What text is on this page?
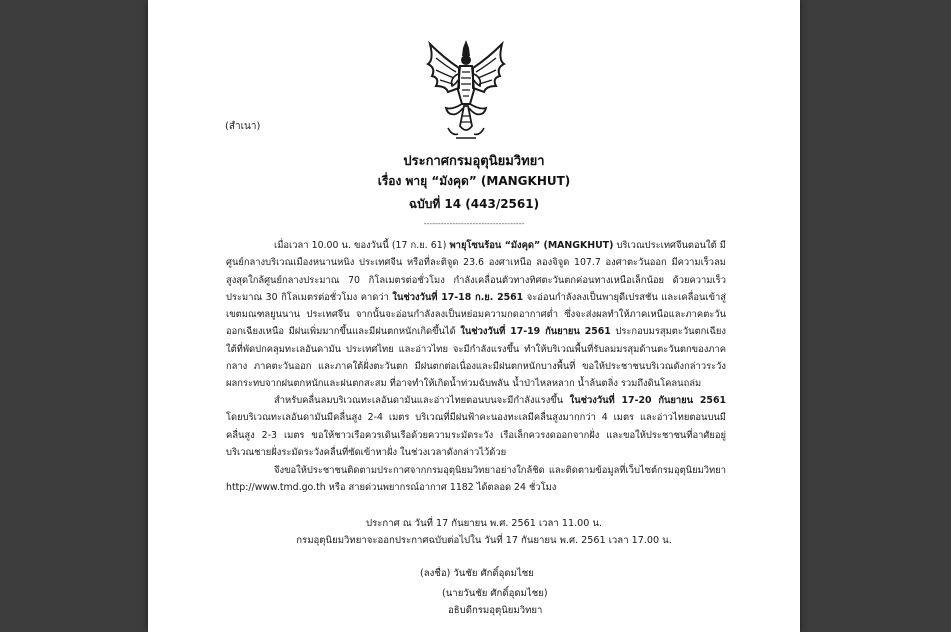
(สำเนา)
ประกาศกรมอุตุนิยมวิทยา
เรื่อง พายุ “มังคุด” (MANGKHUT)
ฉบับที่ 14 (443/2561)
-----------------------------------
เมื่อเวลา 10.00 น. ของวันนี้ (17 ก.ย. 61) พายุโซนร้อน “มังคุด” (MANGKHUT) บริเวณประเทศจีนตอนใต้ มีศูนย์กลางบริเวณเมืองหนานหนิง ประเทศจีน หรือที่ละติจูด 23.6 องศาเหนือ ลองจิจูด 107.7 องศาตะวันออก มีความเร็วลมสูงสุดใกล้ศูนย์กลางประมาณ 70 กิโลเมตรต่อชั่วโมง กำลังเคลื่อนตัวทางทิศตะวันตกค่อนทางเหนือเล็กน้อย ด้วยความเร็วประมาณ 30 กิโลเมตรต่อชั่วโมง คาดว่า ในช่วงวันที่ 17-18 ก.ย. 2561 จะอ่อนกำลังลงเป็นพายุดีเปรสชัน และเคลื่อนเข้าสู่เขตมณฑลยูนนาน ประเทศจีน จากนั้นจะอ่อนกำลังลงเป็นหย่อมความกดอากาศต่ำ ซึ่งจะส่งผลทำให้ภาคเหนือและภาคตะวันออกเฉียงเหนือ มีฝนเพิ่มมากขึ้นและมีฝนตกหนักเกิดขึ้นได้ ในช่วงวันที่ 17-19 กันยายน 2561 ประกอบมรสุมตะวันตกเฉียงใต้ที่พัดปกคลุมทะเลอันดามัน ประเทศไทย และอ่าวไทย จะมีกำลังแรงขึ้น ทำให้บริเวณพื้นที่รับลมมรสุมด้านตะวันตกของภาคกลาง ภาคตะวันออก และภาคใต้ฝั่งตะวันตก มีฝนตกต่อเนื่องและมีฝนตกหนักบางพื้นที่ ขอให้ประชาชนบริเวณดังกล่าวระวังผลกระทบจากฝนตกหนักและฝนตกสะสม ที่อาจทำให้เกิดน้ำท่วมฉับพลัน น้ำป่าไหลหลาก น้ำล้นตลิ่ง รวมถึงดินโคลนถล่ม
สำหรับคลื่นลมบริเวณทะเลอันดามันและอ่าวไทยตอนบนจะมีกำลังแรงขึ้น ในช่วงวันที่ 17-20 กันยายน 2561 โดยบริเวณทะเลอันดามันมีคลื่นสูง 2-4 เมตร บริเวณที่มีฝนฟ้าคะนองทะเลมีคลื่นสูงมากกว่า 4 เมตร และอ่าวไทยตอนบนมีคลื่นสูง 2-3 เมตร ขอให้ชาวเรือควรเดินเรือด้วยความระมัดระวัง เรือเล็กควรงดออกจากฝั่ง และขอให้ประชาชนที่อาศัยอยู่บริเวณชายฝั่งระมัดระวังคลื่นที่ซัดเข้าหาฝั่ง ในช่วงเวลาดังกล่าวไว้ด้วย
จึงขอให้ประชาชนติดตามประกาศจากกรมอุตุนิยมวิทยาอย่างใกล้ชิด และติดตามข้อมูลที่เว็บไซต์กรมอุตุนิยมวิทยา http://www.tmd.go.th หรือ สายด่วนพยากรณ์อากาศ 1182 ได้ตลอด 24 ชั่วโมง
ประกาศ ณ วันที่ 17 กันยายน พ.ศ. 2561 เวลา 11.00 น.
กรมอุตุนิยมวิทยาจะออกประกาศฉบับต่อไปใน วันที่ 17 กันยายน พ.ศ. 2561 เวลา 17.00 น.
(ลงชื่อ) วันชัย ศักดิ์อุดมไชย
(นายวันชัย ศักดิ์อุดมไชย)
อธิบดีกรมอุตุนิยมวิทยา
